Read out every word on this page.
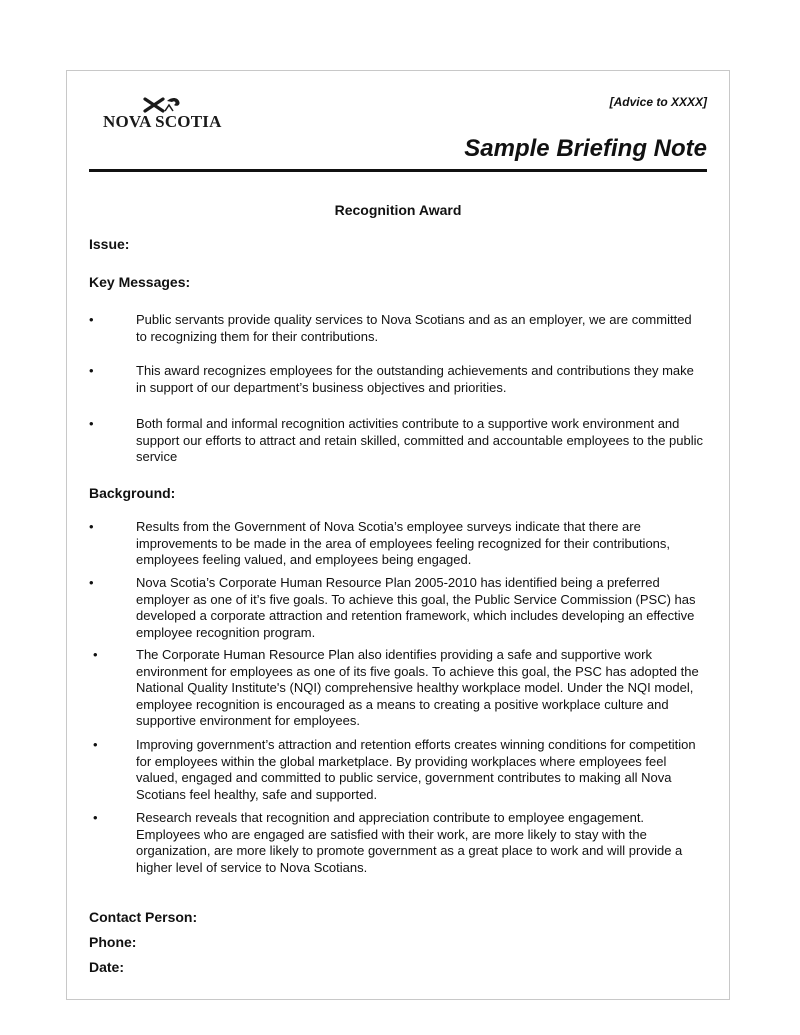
NOVA SCOTIA
[Advice to XXXX]
Sample Briefing Note
Recognition Award
Issue:
Key Messages:
•	Public servants provide quality services to Nova Scotians and as an employer, we are committed to recognizing them for their contributions.
•	This award recognizes employees for the outstanding achievements and contributions they make in support of our department’s business objectives and priorities.
•	Both formal and informal recognition activities contribute to a supportive work environment and support our efforts to attract and retain skilled, committed and accountable employees to the public service
Background:
•	Results from the Government of Nova Scotia’s employee surveys indicate that there are improvements to be made in the area of employees feeling recognized for their contributions, employees feeling valued, and employees being engaged.
•	Nova Scotia’s Corporate Human Resource Plan 2005-2010 has identified being a preferred employer as one of it’s five goals. To achieve this goal, the Public Service Commission (PSC) has developed a corporate attraction and retention framework, which includes developing an effective employee recognition program.
•	The Corporate Human Resource Plan also identifies providing a safe and supportive work environment for employees as one of its five goals. To achieve this goal, the PSC has adopted the National Quality Institute's (NQI) comprehensive healthy workplace model. Under the NQI model, employee recognition is encouraged as a means to creating a positive workplace culture and supportive environment for employees.
•	Improving government’s attraction and retention efforts creates winning conditions for competition for employees within the global marketplace. By providing workplaces where employees feel valued, engaged and committed to public service, government contributes to making all Nova Scotians feel healthy, safe and supported.
•	Research reveals that recognition and appreciation contribute to employee engagement. Employees who are engaged are satisfied with their work, are more likely to stay with the organization, are more likely to promote government as a great place to work and will provide a higher level of service to Nova Scotians.
Contact Person:
Phone:
Date:
